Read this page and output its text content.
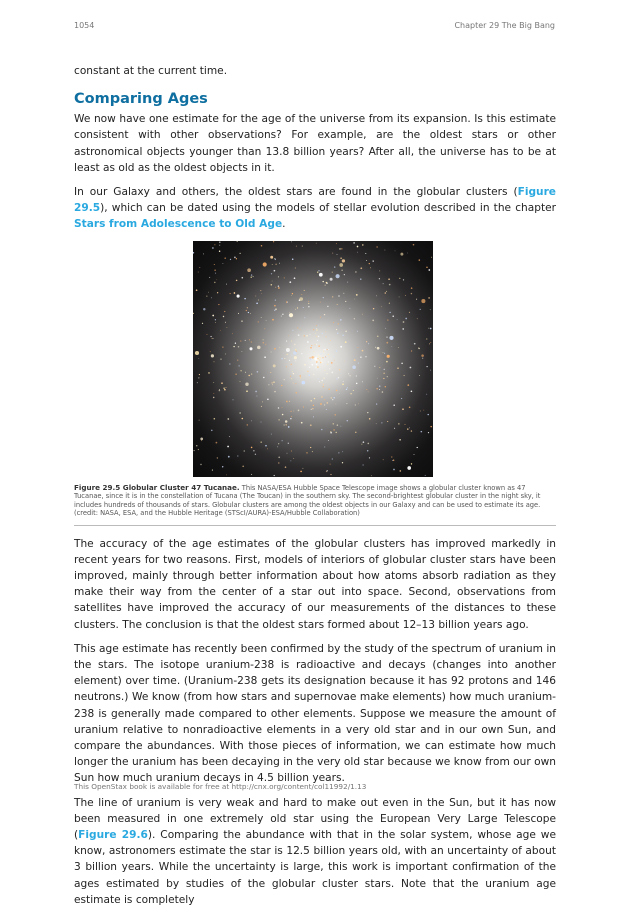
1054	Chapter 29 The Big Bang

constant at the current time.

Comparing Ages

We now have one estimate for the age of the universe from its expansion. Is this estimate consistent with other observations? For example, are the oldest stars or other astronomical objects younger than 13.8 billion years? After all, the universe has to be at least as old as the oldest objects in it.

In our Galaxy and others, the oldest stars are found in the globular clusters (Figure 29.5), which can be dated using the models of stellar evolution described in the chapter Stars from Adolescence to Old Age.

Figure 29.5 Globular Cluster 47 Tucanae. This NASA/ESA Hubble Space Telescope image shows a globular cluster known as 47 Tucanae, since it is in the constellation of Tucana (The Toucan) in the southern sky. The second-brightest globular cluster in the night sky, it includes hundreds of thousands of stars. Globular clusters are among the oldest objects in our Galaxy and can be used to estimate its age. (credit: NASA, ESA, and the Hubble Heritage (STScI/AURA)-ESA/Hubble Collaboration)

The accuracy of the age estimates of the globular clusters has improved markedly in recent years for two reasons. First, models of interiors of globular cluster stars have been improved, mainly through better information about how atoms absorb radiation as they make their way from the center of a star out into space. Second, observations from satellites have improved the accuracy of our measurements of the distances to these clusters. The conclusion is that the oldest stars formed about 12–13 billion years ago.

This age estimate has recently been confirmed by the study of the spectrum of uranium in the stars. The isotope uranium-238 is radioactive and decays (changes into another element) over time. (Uranium-238 gets its designation because it has 92 protons and 146 neutrons.) We know (from how stars and supernovae make elements) how much uranium-238 is generally made compared to other elements. Suppose we measure the amount of uranium relative to nonradioactive elements in a very old star and in our own Sun, and compare the abundances. With those pieces of information, we can estimate how much longer the uranium has been decaying in the very old star because we know from our own Sun how much uranium decays in 4.5 billion years.

The line of uranium is very weak and hard to make out even in the Sun, but it has now been measured in one extremely old star using the European Very Large Telescope (Figure 29.6). Comparing the abundance with that in the solar system, whose age we know, astronomers estimate the star is 12.5 billion years old, with an uncertainty of about 3 billion years. While the uncertainty is large, this work is important confirmation of the ages estimated by studies of the globular cluster stars. Note that the uranium age estimate is completely

This OpenStax book is available for free at http://cnx.org/content/col11992/1.13
